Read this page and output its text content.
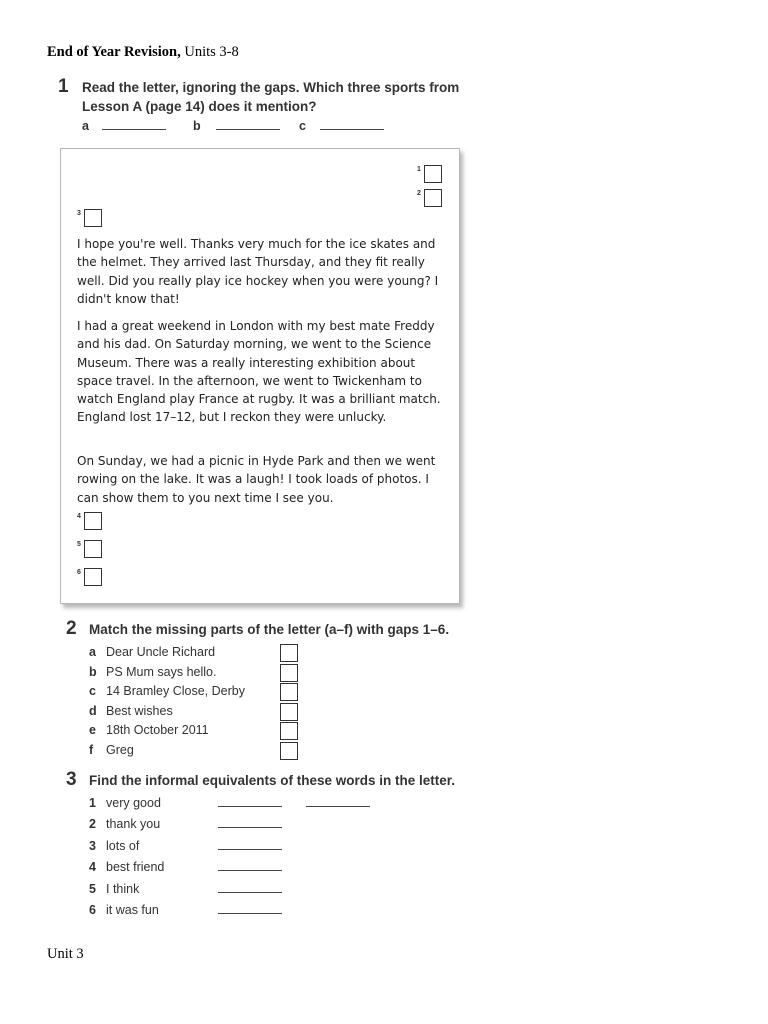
End of Year Revision, Units 3-8
1 Read the letter, ignoring the gaps. Which three sports from
Lesson A (page 14) does it mention?
a	b	c
1
2
3
I hope you're well. Thanks very much for the ice skates and the helmet. They arrived last Thursday, and they fit really well. Did you really play ice hockey when you were young? I didn't know that!
I had a great weekend in London with my best mate Freddy and his dad. On Saturday morning, we went to the Science Museum. There was a really interesting exhibition about space travel. In the afternoon, we went to Twickenham to watch England play France at rugby. It was a brilliant match. England lost 17–12, but I reckon they were unlucky.
On Sunday, we had a picnic in Hyde Park and then we went rowing on the lake. It was a laugh! I took loads of photos. I can show them to you next time I see you.
4
5
6
2 Match the missing parts of the letter (a–f) with gaps 1–6.
a Dear Uncle Richard
b PS Mum says hello.
c 14 Bramley Close, Derby
d Best wishes
e 18th October 2011
f Greg
3 Find the informal equivalents of these words in the letter.
1 very good
2 thank you
3 lots of
4 best friend
5 I think
6 it was fun
Unit 3
